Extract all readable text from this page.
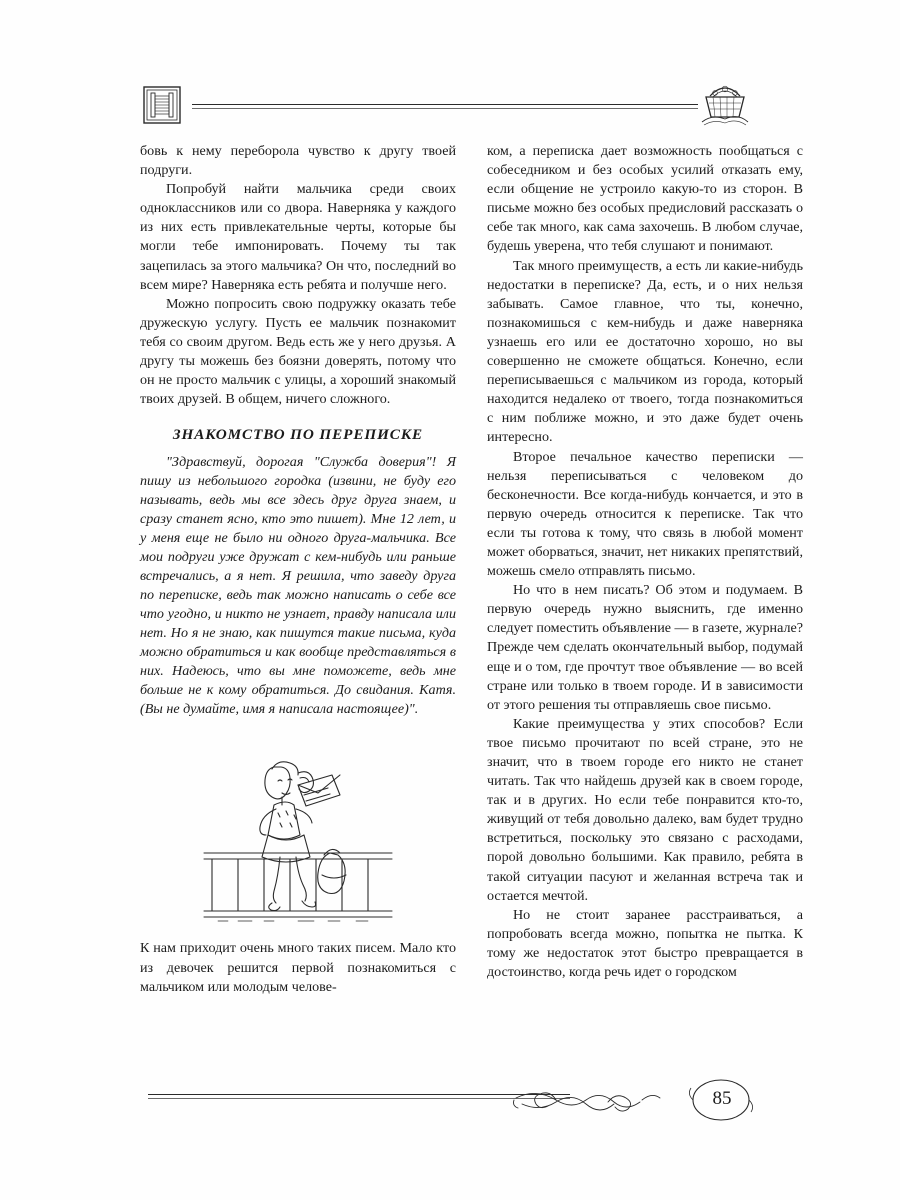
бовь к нему переборола чувство к другу твоей подруги.

Попробуй найти мальчика среди своих одноклассников или со двора. Наверняка у каждого из них есть привлекательные черты, которые бы могли тебе импонировать. Почему ты так зацепилась за этого мальчика? Он что, последний во всем мире? Наверняка есть ребята и получше него.

Можно попросить свою подружку оказать тебе дружескую услугу. Пусть ее мальчик познакомит тебя со своим другом. Ведь есть же у него друзья. А другу ты можешь без боязни доверять, потому что он не просто мальчик с улицы, а хороший знакомый твоих друзей. В общем, ничего сложного.

ЗНАКОМСТВО ПО ПЕРЕПИСКЕ

"Здравствуй, дорогая "Служба доверия"! Я пишу из небольшого городка (извини, не буду его называть, ведь мы все здесь друг друга знаем, и сразу станет ясно, кто это пишет). Мне 12 лет, и у меня еще не было ни одного друга-мальчика. Все мои подруги уже дружат с кем-нибудь или раньше встречались, а я нет. Я решила, что заведу друга по переписке, ведь так можно написать о себе все что угодно, и никто не узнает, правду написала или нет. Но я не знаю, как пишутся такие письма, куда можно обратиться и как вообще представляться в них. Надеюсь, что вы мне поможете, ведь мне больше не к кому обратиться. До свидания. Катя. (Вы не думайте, имя я написала настоящее)".

К нам приходит очень много таких писем. Мало кто из девочек решится первой познакомиться с мальчиком или молодым челове-

ком, а переписка дает возможность пообщаться с собеседником и без особых усилий отказать ему, если общение не устроило какую-то из сторон. В письме можно без особых предисловий рассказать о себе так много, как сама захочешь. В любом случае, будешь уверена, что тебя слушают и понимают.

Так много преимуществ, а есть ли какие-нибудь недостатки в переписке? Да, есть, и о них нельзя забывать. Самое главное, что ты, конечно, познакомишься с кем-нибудь и даже наверняка узнаешь его или ее достаточно хорошо, но вы совершенно не сможете общаться. Конечно, если переписываешься с мальчиком из города, который находится недалеко от твоего, тогда познакомиться с ним поближе можно, и это даже будет очень интересно.

Второе печальное качество переписки — нельзя переписываться с человеком до бесконечности. Все когда-нибудь кончается, и это в первую очередь относится к переписке. Так что если ты готова к тому, что связь в любой момент может оборваться, значит, нет никаких препятствий, можешь смело отправлять письмо.

Но что в нем писать? Об этом и подумаем. В первую очередь нужно выяснить, где именно следует поместить объявление — в газете, журнале? Прежде чем сделать окончательный выбор, подумай еще и о том, где прочтут твое объявление — во всей стране или только в твоем городе. И в зависимости от этого решения ты отправляешь свое письмо.

Какие преимущества у этих способов? Если твое письмо прочитают по всей стране, это не значит, что в твоем городе его никто не станет читать. Так что найдешь друзей как в своем городе, так и в других. Но если тебе понравится кто-то, живущий от тебя довольно далеко, вам будет трудно встретиться, поскольку это связано с расходами, порой довольно большими. Как правило, ребята в такой ситуации пасуют и желанная встреча так и остается мечтой.

Но не стоит заранее расстраиваться, а попробовать всегда можно, попытка не пытка. К тому же недостаток этот быстро превращается в достоинство, когда речь идет о городском

85
